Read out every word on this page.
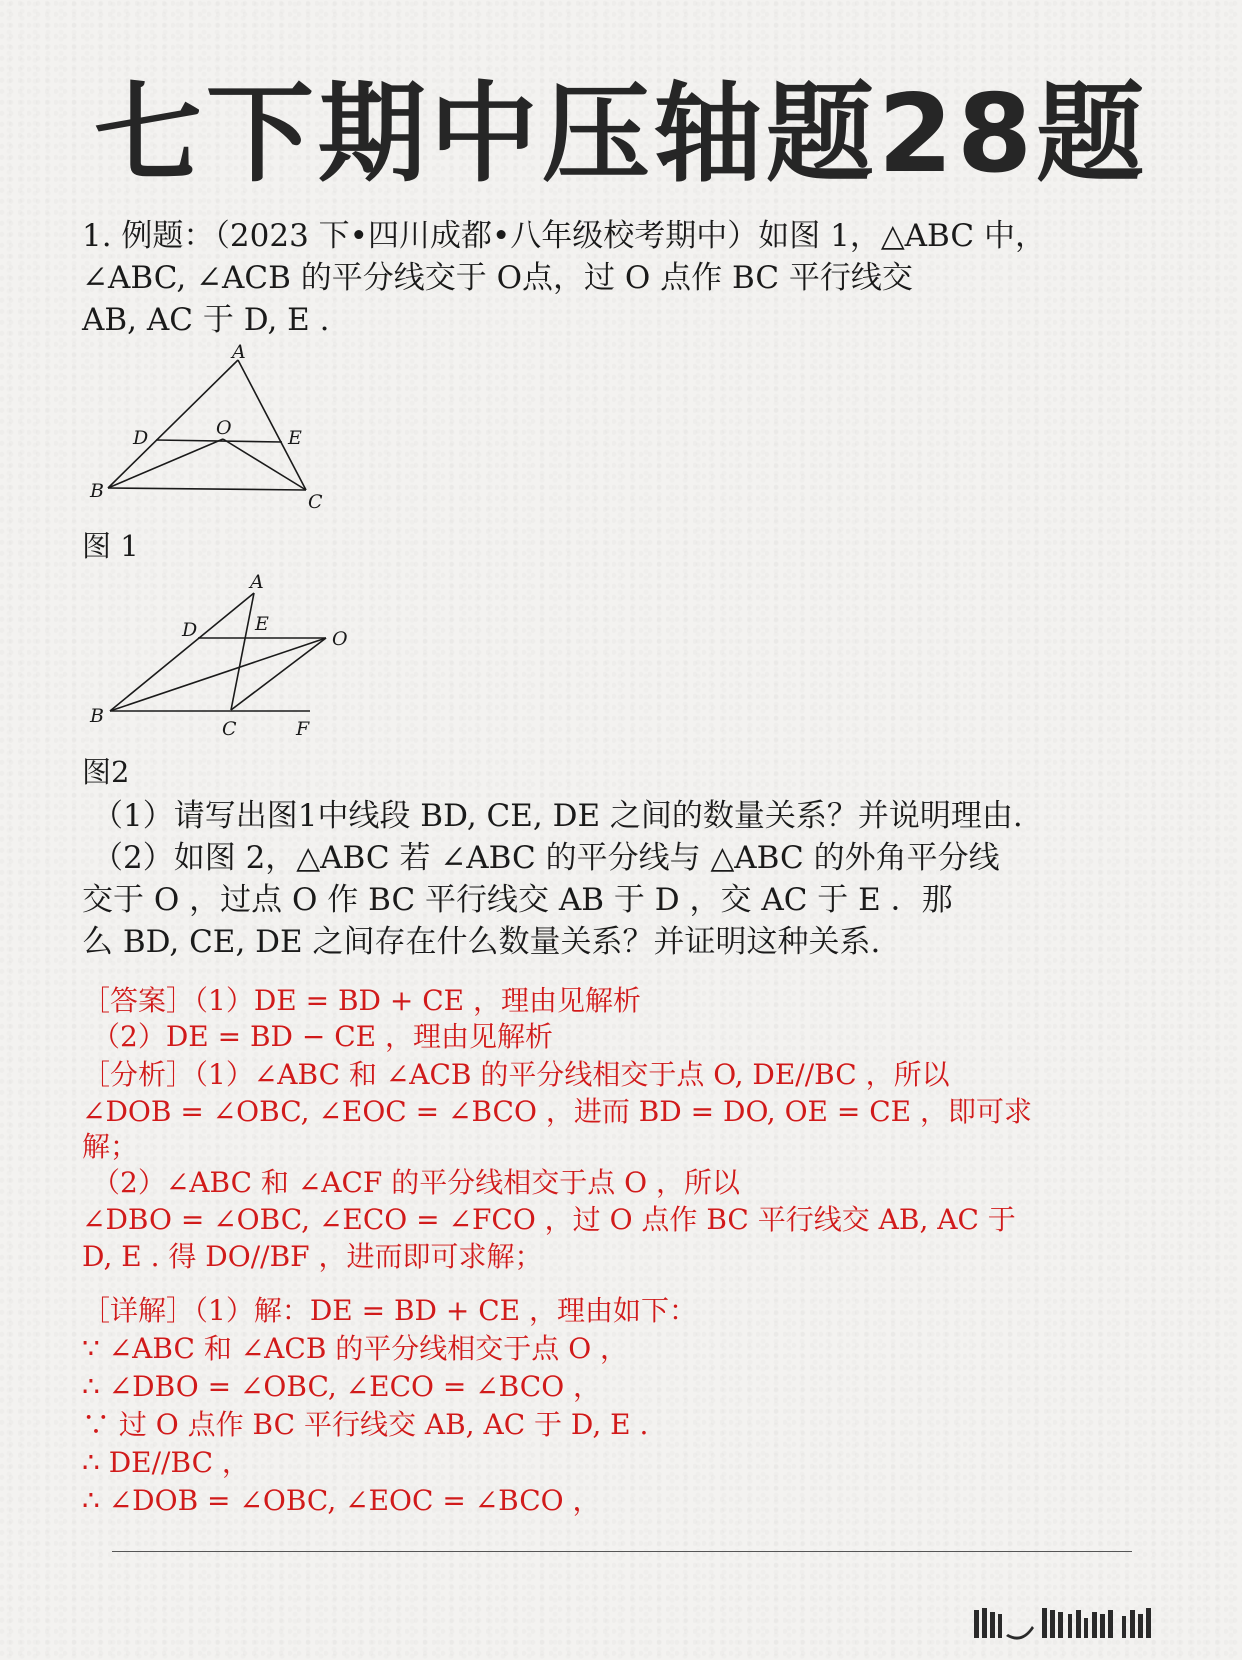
七下期中压轴题28题
1. 例题：（2023 下•四川成都•八年级校考期中）如图 1，△ABC 中，
∠ABC, ∠ACB 的平分线交于 O点，过 O 点作 BC 平行线交
AB, AC 于 D, E .
A
B	C
D	E
O
图 1
A
B
C
D	E
O
F
图2
（1）请写出图1中线段 BD, CE, DE 之间的数量关系？并说明理由.
（2）如图 2，△ABC 若 ∠ABC 的平分线与 △ABC 的外角平分线
交于 O ，过点 O 作 BC 平行线交 AB 于 D ，交 AC 于 E ．那
么 BD, CE, DE 之间存在什么数量关系？并证明这种关系.
［答案］（1）DE = BD + CE ，理由见解析
（2）DE = BD − CE ，理由见解析
［分析］（1）∠ABC 和 ∠ACB 的平分线相交于点 O, DE//BC ，所以
∠DOB = ∠OBC, ∠EOC = ∠BCO ，进而 BD = DO, OE = CE ，即可求
解；
（2）∠ABC 和 ∠ACF 的平分线相交于点 O ，所以
∠DBO = ∠OBC, ∠ECO = ∠FCO ，过 O 点作 BC 平行线交 AB, AC 于
D, E . 得 DO//BF ，进而即可求解；
［详解］（1）解：DE = BD + CE ，理由如下：
∵ ∠ABC 和 ∠ACB 的平分线相交于点 O ，
∴ ∠DBO = ∠OBC, ∠ECO = ∠BCO ，
∵ 过 O 点作 BC 平行线交 AB, AC 于 D, E .
∴ DE//BC ，
∴ ∠DOB = ∠OBC, ∠EOC = ∠BCO ，
